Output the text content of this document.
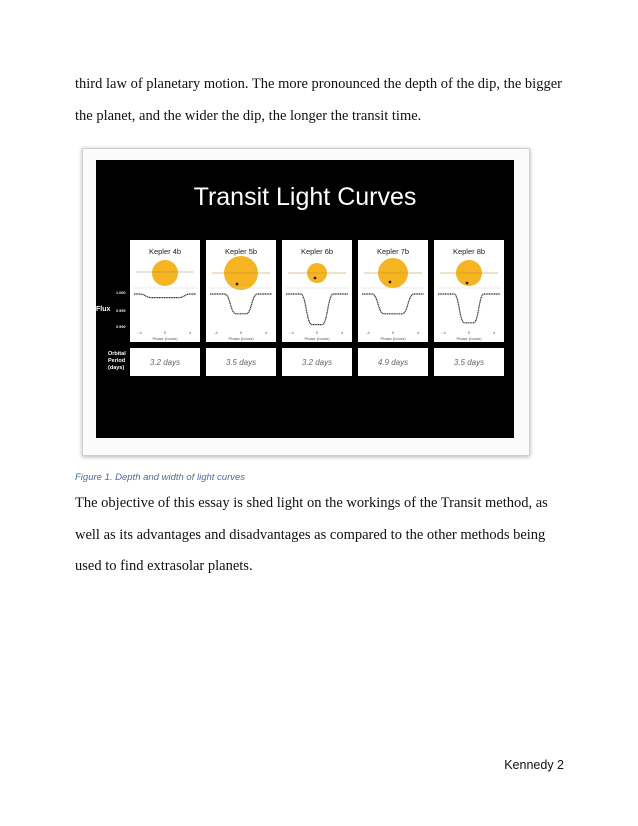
third law of planetary motion. The more pronounced the depth of the dip, the bigger the planet, and the wider the dip, the longer the transit time.

Transit Light Curves
Kepler 4b
-4	0	4
Phase (hours)
3.2 days
Kepler 5b
-4	0	4
Phase (hours)
3.5 days
Kepler 6b
-4	0	4
Phase (hours)
3.2 days
Kepler 7b
-4	0	4
Phase (hours)
4.9 days
Kepler 8b
-4	0	4
Phase (hours)
3.5 days
1.000
Flux 0.995
0.990
Orbital
Period
(days)

Figure 1. Depth and width of light curves

The objective of this essay is shed light on the workings of the Transit method, as well as its advantages and disadvantages as compared to the other methods being used to find extrasolar planets.

Kennedy 2
